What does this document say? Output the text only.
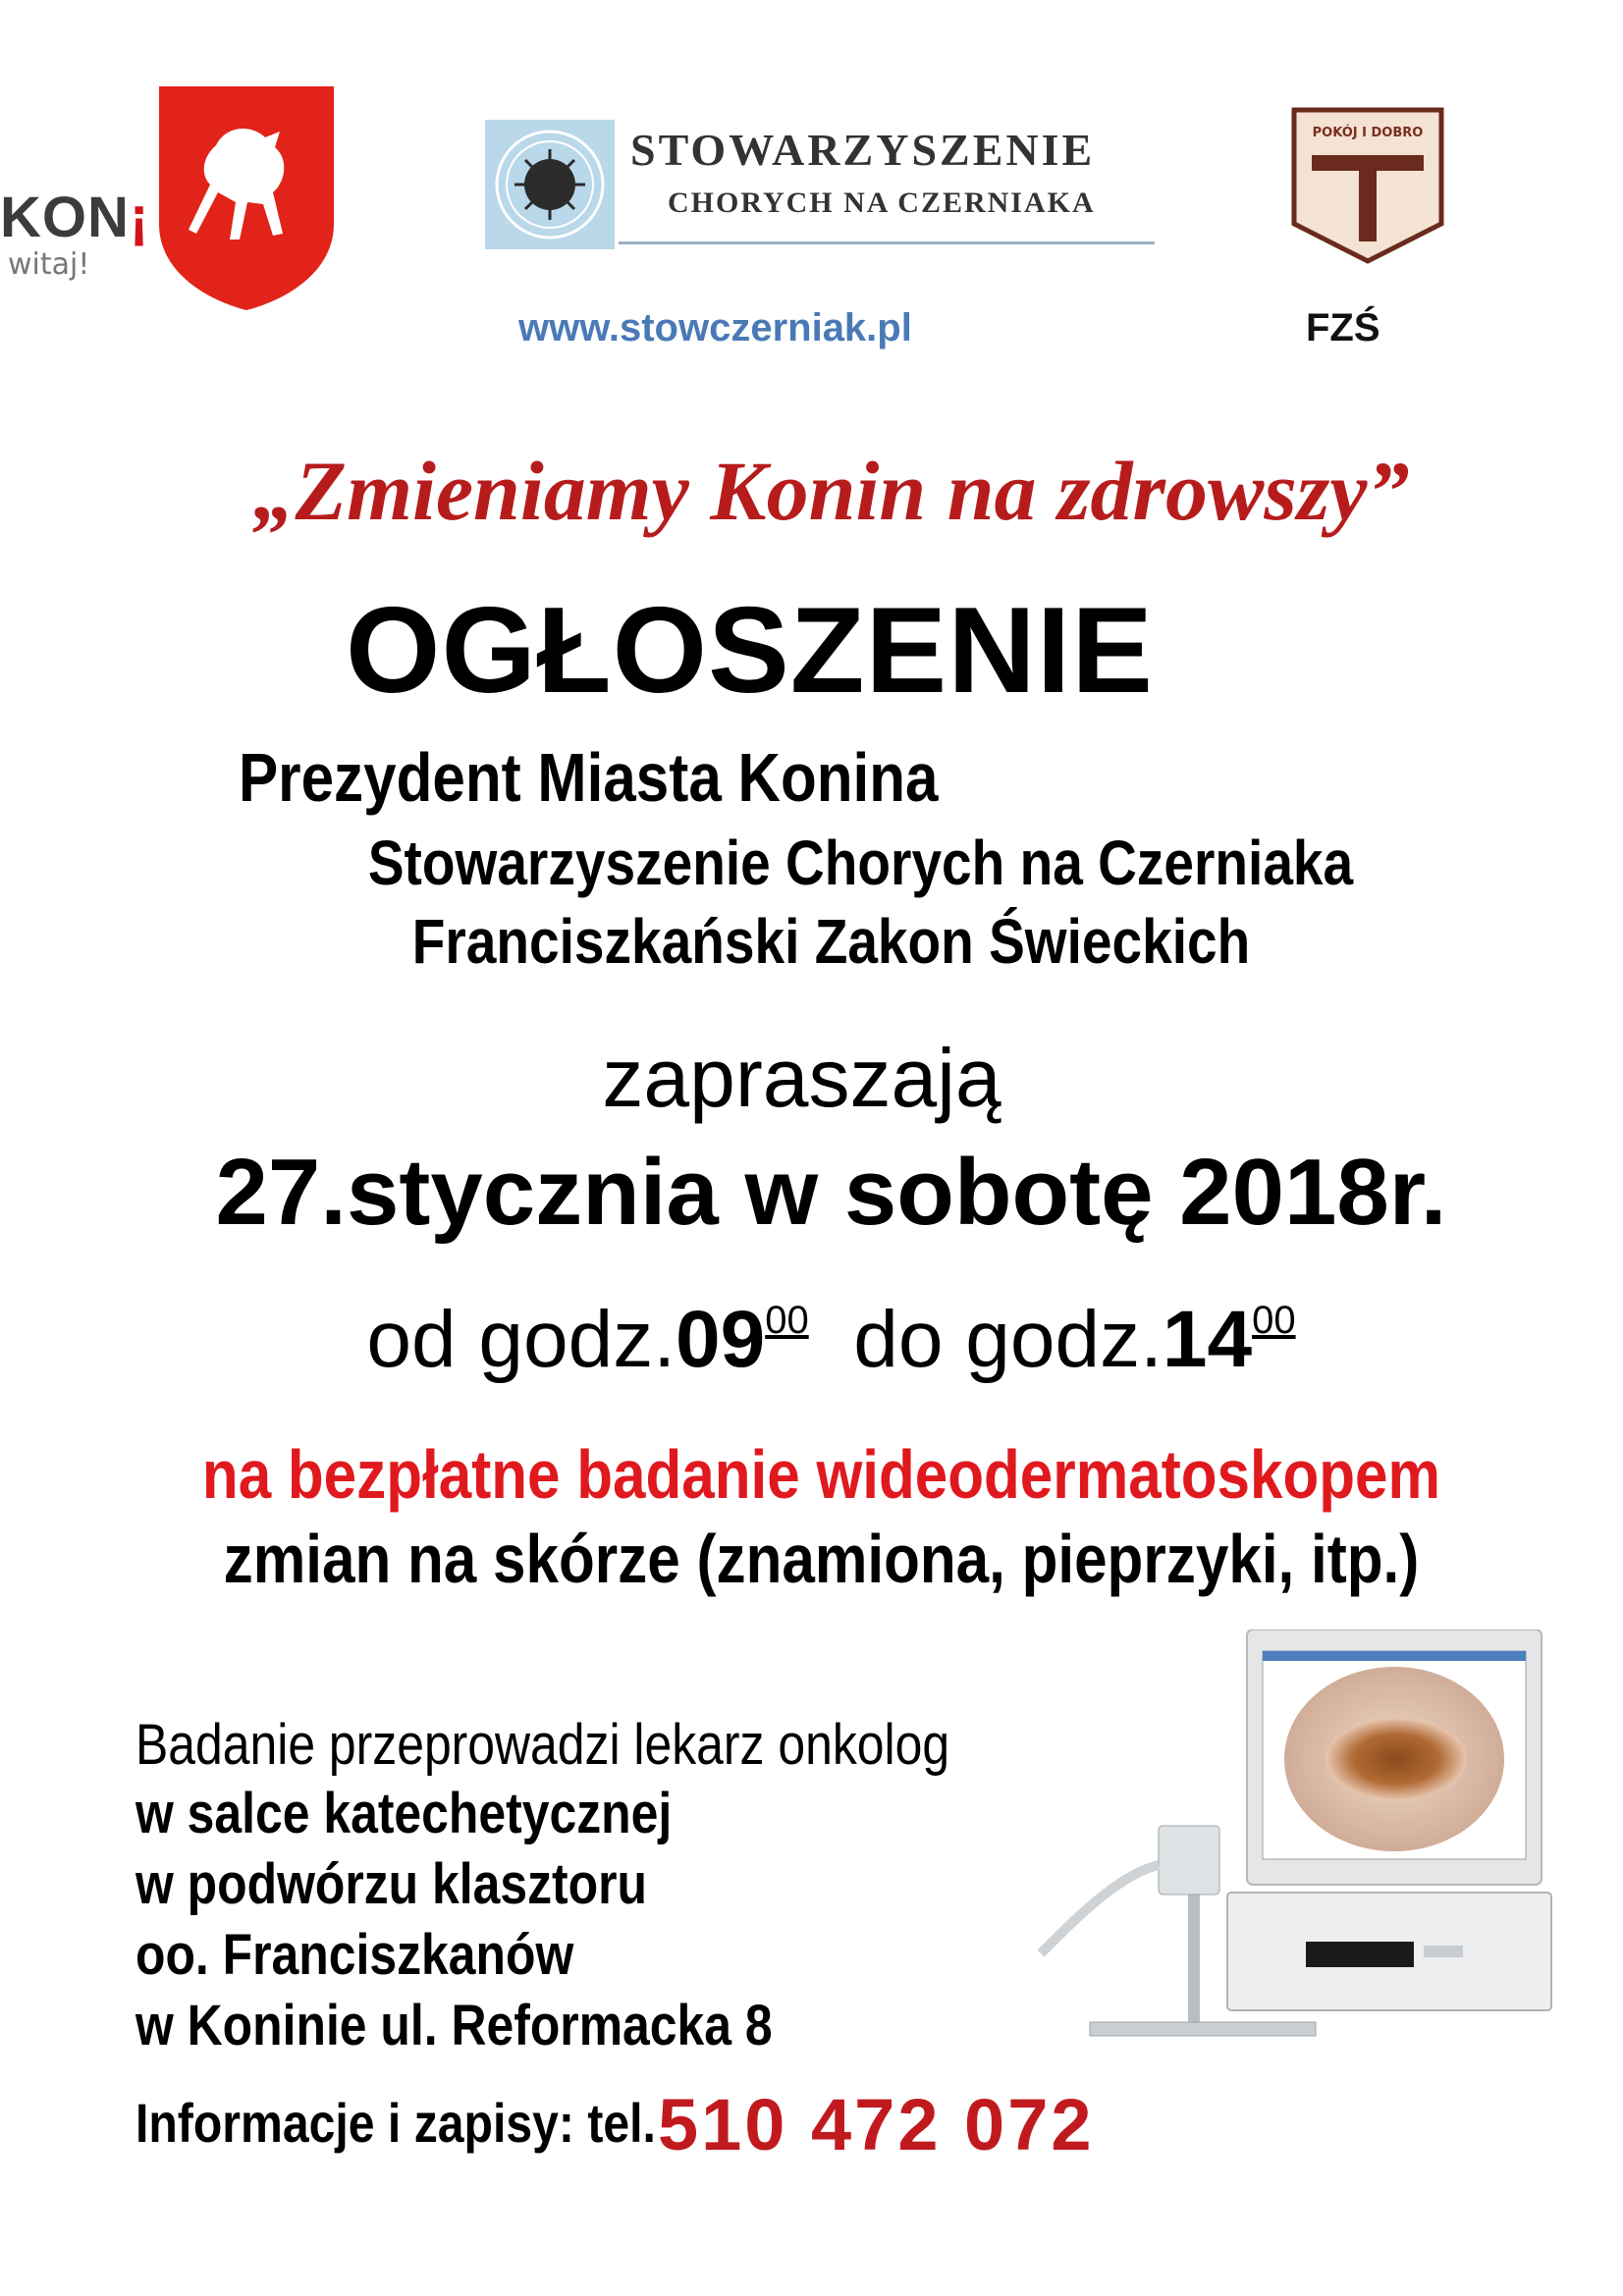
KON¡
witaj!
STOWARZYSZENIE
CHORYCH NA CZERNIAKA
POKÓJ I DOBRO
www.stowczerniak.pl	FZŚ
„Zmieniamy Konin na zdrowszy”
OGŁOSZENIE
Prezydent Miasta Konina
Stowarzyszenie Chorych na Czerniaka
Franciszkański Zakon Świeckich
zapraszają
27.stycznia w sobotę 2018r.
od $godz.09^{00}$ do $godz.14^{00}$
na bezpłatne badanie wideodermatoskopem
zmian na skórze (znamiona, pieprzyki, itp.)
Badanie przeprowadzi lekarz onkolog
w salce katechetycznej
w podwórzu klasztoru
oo. Franciszkanów
w Koninie ul. Reformacka 8
Informacje i zapisy: tel. 510 472 072
